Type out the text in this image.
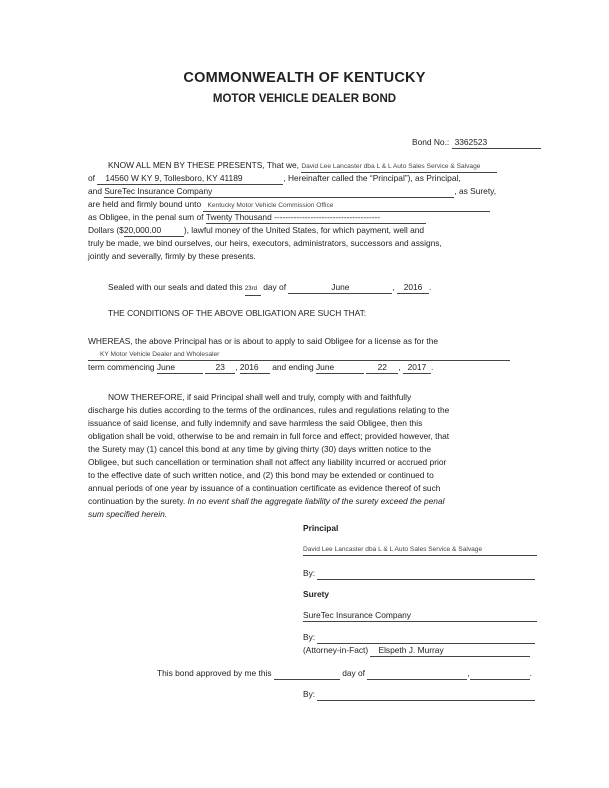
COMMONWEALTH OF KENTUCKY
MOTOR VEHICLE DEALER BOND
Bond No.: 3362523
KNOW ALL MEN BY THESE PRESENTS, That we, David Lee Lancaster dba L & L Auto Sales Service & Salvage
of 14560 W KY 9, Tollesboro, KY 41189	, Hereinafter called the “Principal”), as Principal,
and SureTec Insurance Company	, as Surety,
are held and firmly bound unto Kentucky Motor Vehicle Commission Office
as Obligee, in the penal sum of Twenty Thousand --------------------------------------
Dollars ($20,000.00	), lawful money of the United States, for which payment, well and
truly be made, we bind ourselves, our heirs, executors, administrators, successors and assigns,
jointly and severally, firmly by these presents.
Sealed with our seals and dated this 23rd day of	June	, 2016 .
THE CONDITIONS OF THE ABOVE OBLIGATION ARE SUCH THAT:
WHEREAS, the above Principal has or is about to apply to said Obligee for a license as for the
KY Motor Vehicle Dealer and Wholesaler
term commencing June	23 , 2016 and ending June	22 , 2017 .
NOW THEREFORE, if said Principal shall well and truly, comply with and faithfully
discharge his duties according to the terms of the ordinances, rules and regulations relating to the
issuance of said license, and fully indemnify and save harmless the said Obligee, then this
obligation shall be void, otherwise to be and remain in full force and effect; provided however, that
the Surety may (1) cancel this bond at any time by giving thirty (30) days written notice to the
Obligee, but such cancellation or termination shall not affect any liability incurred or accrued prior
to the effective date of such written notice, and (2) this bond may be extended or continued to
annual periods of one year by issuance of a continuation certificate as evidence thereof of such
continuation by the surety. In no event shall the aggregate liability of the surety exceed the penal
sum specified herein.
Principal
David Lee Lancaster dba L & L Auto Sales Service & Salvage
By:
Surety
SureTec Insurance Company
By:
(Attorney-in-Fact) Elspeth J. Murray
This bond approved by me this	day of	,	.
By:
